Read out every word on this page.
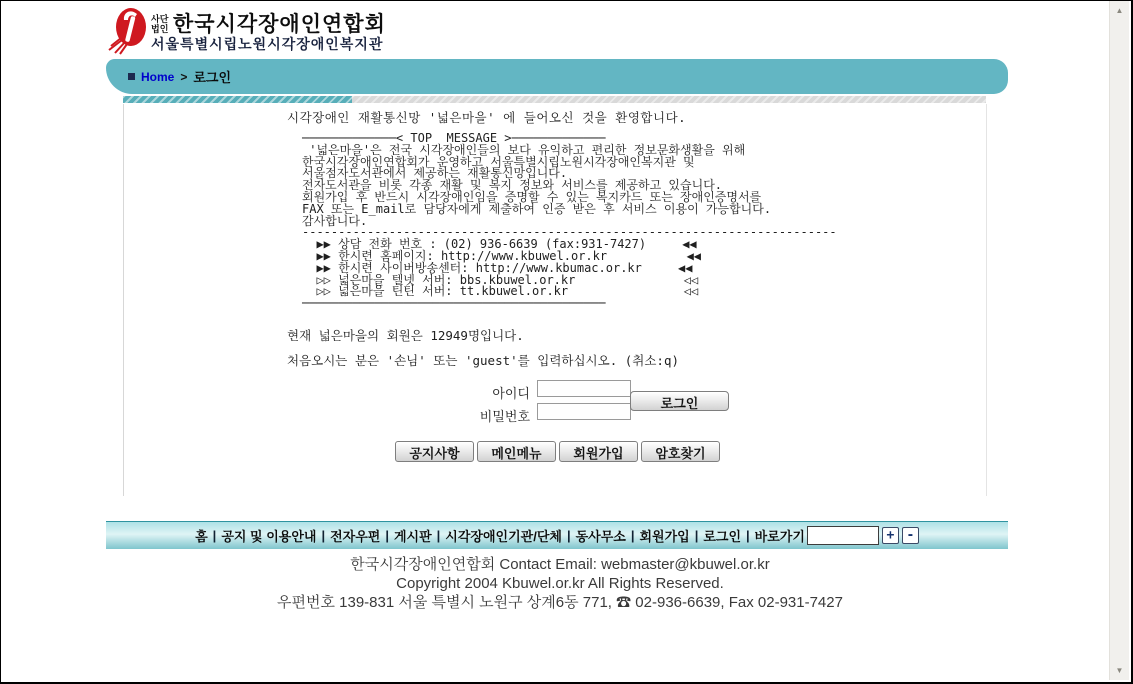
사단
법인 한국시각장애인연합회
서울특별시립노원시각장애인복지관
Home > 로그인
시각장애인 재활통신망 '넓은마을' 에 들어오신 것을 환영합니다.
─────────────< TOP  MESSAGE >─────────────
'넓은마을'은 전국 시각장애인들의 보다 유익하고 편리한 정보문화생활을 위해
한국시각장애인연합회가 운영하고 서울특별시립노원시각장애인복지관 및
서울점자도서관에서 제공하는 재활통신망입니다.
전자도서관을 비롯 각종 재활 및 복지 정보와 서비스를 제공하고 있습니다.
회원가입 후 반드시 시각장애인임을 증명할 수 있는 복지카드 또는 장애인증명서를
FAX 또는 E_mail로 담당자에게 제출하여 인증 받은 후 서비스 이용이 가능합니다.
감사합니다.
--------------------------------------------------------------------------
▶▶ 상담 전화 번호 : (02) 936-6639 (fax:931-7427)     ◀◀
▶▶ 한시련 홈페이지: http://www.kbuwel.or.kr           ◀◀
▶▶ 한시련 사이버방송센터: http://www.kbumac.or.kr     ◀◀
▷▷ 넓은마을 텔넷 서버: bbs.kbuwel.or.kr               ◁◁
▷▷ 넓은마을 틴틴 서버: tt.kbuwel.or.kr                ◁◁
──────────────────────────────────────────
현재 넓은마을의 회원은 12949명입니다.
처음오시는 분은 '손님' 또는 'guest'를 입력하십시오. (취소:q)
아이디
비밀번호
로그인
공지사항	메인메뉴	회원가입	암호찾기
홈 | 공지 및 이용안내 | 전자우편 | 게시판 | 시각장애인기관/단체 | 동사무소 | 회원가입 | 로그인 | 바로가기	+ -
한국시각장애인연합회 Contact Email: webmaster@kbuwel.or.kr
Copyright 2004 Kbuwel.or.kr All Rights Reserved.
우편번호 139-831 서울 특별시 노원구 상계6동 771, ☎ 02-936-6639, Fax 02-931-7427
▲
▼
